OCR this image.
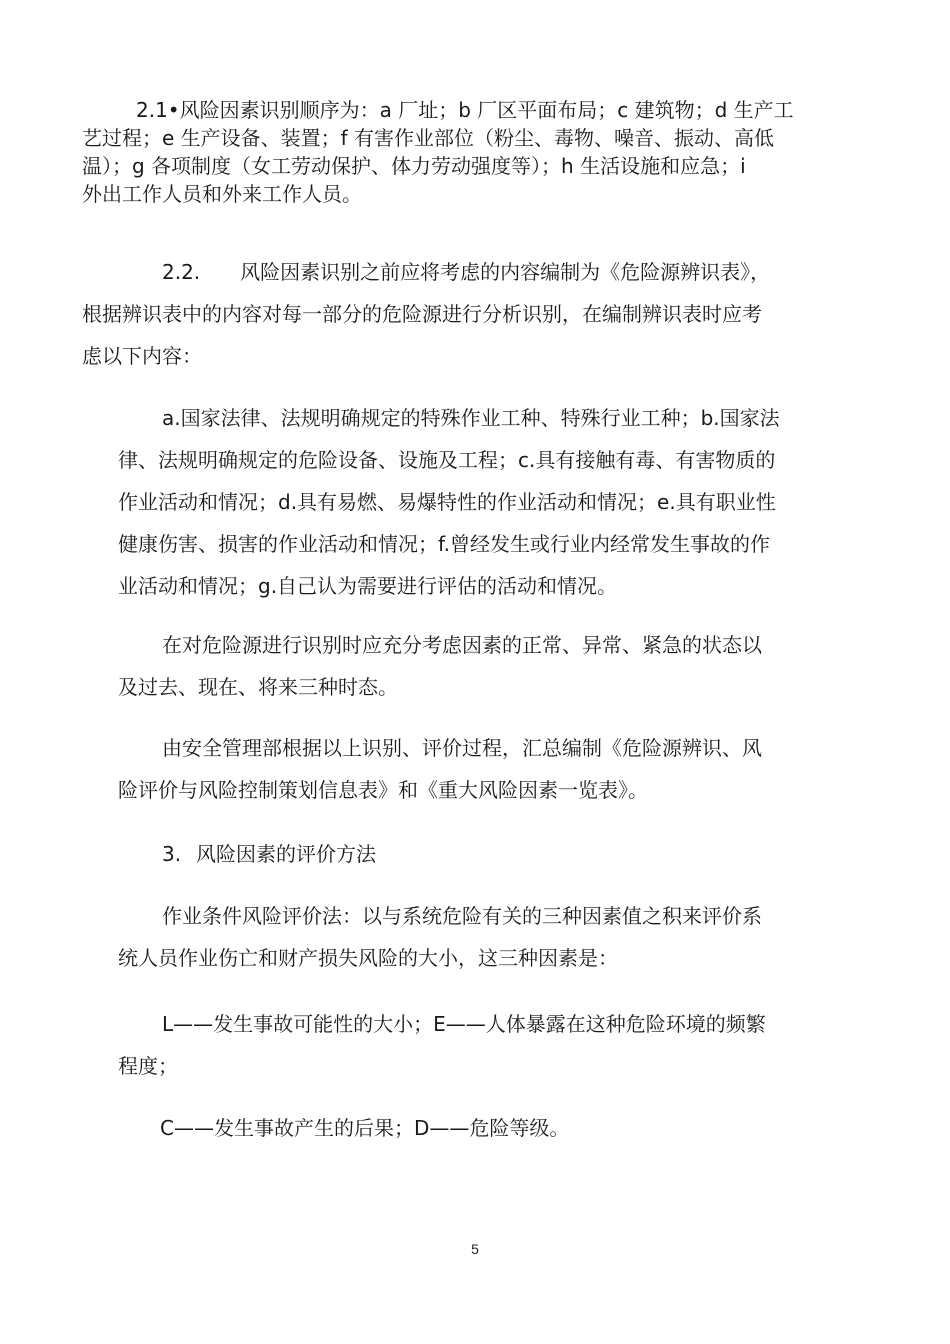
2.1•风险因素识别顺序为：a 厂址；b 厂区平面布局；c 建筑物；d 生产工
艺过程；e 生产设备、装置；f 有害作业部位（粉尘、毒物、噪音、振动、高低
温）；g 各项制度（女工劳动保护、体力劳动强度等）；h 生活设施和应急；i
外出工作人员和外来工作人员。

2.2.　　风险因素识别之前应将考虑的内容编制为《危险源辨识表》，
根据辨识表中的内容对每一部分的危险源进行分析识别，在编制辨识表时应考
虑以下内容：

a.国家法律、法规明确规定的特殊作业工种、特殊行业工种；b.国家法
律、法规明确规定的危险设备、设施及工程；c.具有接触有毒、有害物质的
作业活动和情况；d.具有易燃、易爆特性的作业活动和情况；e.具有职业性
健康伤害、损害的作业活动和情况；f.曾经发生或行业内经常发生事故的作
业活动和情况；g.自己认为需要进行评估的活动和情况。

在对危险源进行识别时应充分考虑因素的正常、异常、紧急的状态以
及过去、现在、将来三种时态。

由安全管理部根据以上识别、评价过程，汇总编制《危险源辨识、风
险评价与风险控制策划信息表》和《重大风险因素一览表》。

3. 风险因素的评价方法

作业条件风险评价法：以与系统危险有关的三种因素值之积来评价系
统人员作业伤亡和财产损失风险的大小，这三种因素是：

L——发生事故可能性的大小；E——人体暴露在这种危险环境的频繁
程度；

C——发生事故产生的后果；D——危险等级。

5
